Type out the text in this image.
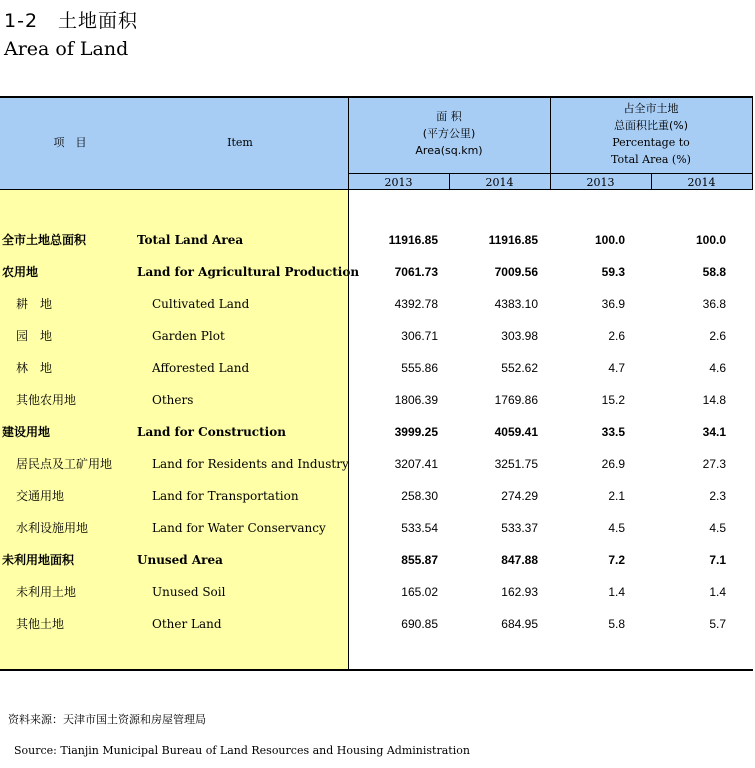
1-2　土地面积
Area of Land
项　目	Item
面 积
(平方公里)
Area(sq.km)
占全市土地
总面积比重(%)
Percentage to
Total Area (%)
2013	2014	2013	2014
全市土地总面积	Total Land Area	11916.85	11916.85	100.0	100.0
农用地	Land for Agricultural Production	7061.73	7009.56	59.3	58.8
耕　地	Cultivated Land	4392.78	4383.10	36.9	36.8
园　地	Garden Plot	306.71	303.98	2.6	2.6
林　地	Afforested Land	555.86	552.62	4.7	4.6
其他农用地	Others	1806.39	1769.86	15.2	14.8
建设用地	Land for Construction	3999.25	4059.41	33.5	34.1
居民点及工矿用地	Land for Residents and Industry	3207.41	3251.75	26.9	27.3
交通用地	Land for Transportation	258.30	274.29	2.1	2.3
水利设施用地	Land for Water Conservancy	533.54	533.37	4.5	4.5
未利用地面积	Unused Area	855.87	847.88	7.2	7.1
未利用土地	Unused Soil	165.02	162.93	1.4	1.4
其他土地	Other Land	690.85	684.95	5.8	5.7
资料来源：天津市国土资源和房屋管理局
Source: Tianjin Municipal Bureau of Land Resources and Housing Administration
